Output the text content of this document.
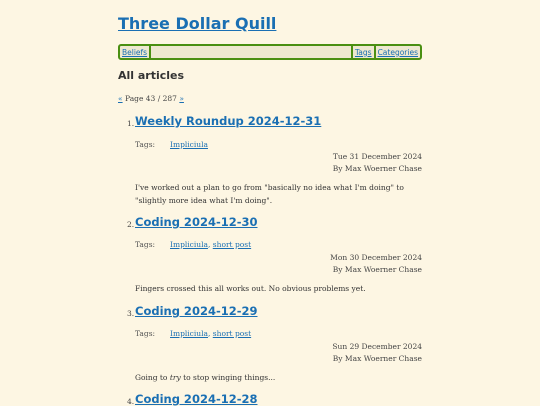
Three Dollar Quill
Beliefs	Tags Categories
All articles
« Page 43 / 287 »
1. Weekly Roundup 2024-12-31
Tags: Impliciula
Tue 31 December 2024
By Max Woerner Chase
I've worked out a plan to go from "basically no idea what I'm doing" to "slightly more idea what I'm doing".
2. Coding 2024-12-30
Tags: Impliciula, short post
Mon 30 December 2024
By Max Woerner Chase
Fingers crossed this all works out. No obvious problems yet.
3. Coding 2024-12-29
Tags: Impliciula, short post
Sun 29 December 2024
By Max Woerner Chase
Going to try to stop winging things...
4. Coding 2024-12-28
